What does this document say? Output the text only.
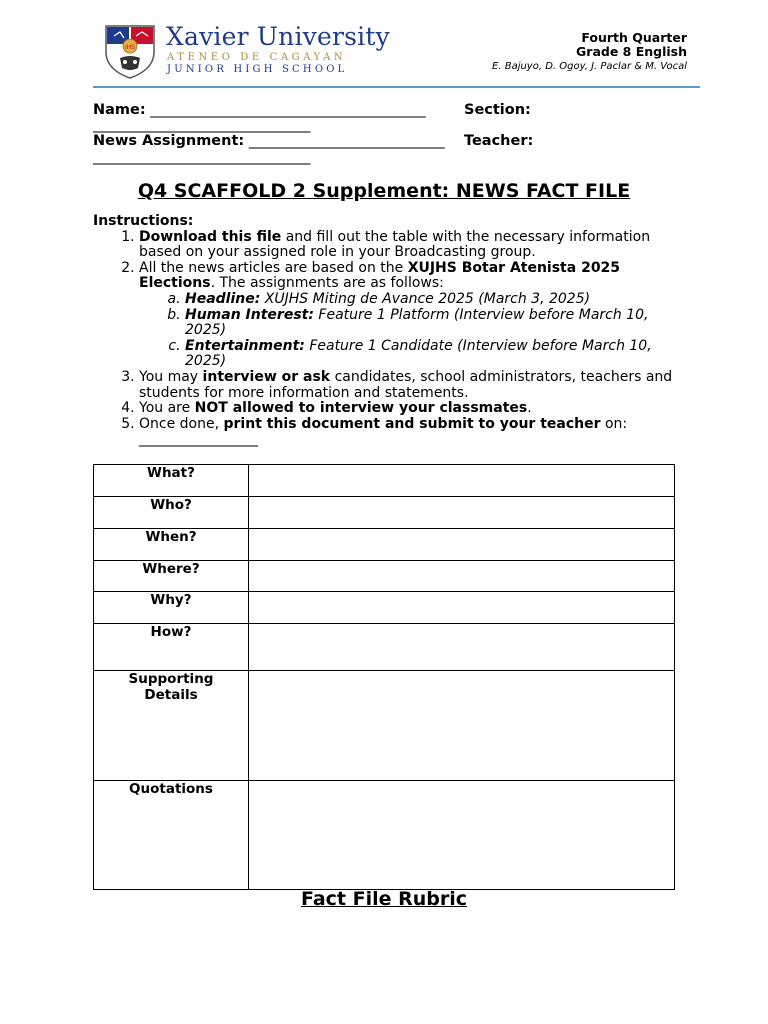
IHS Xavier University
ATENEO DE CAGAYAN
JUNIOR HIGH SCHOOL
Fourth Quarter
Grade 8 English
E. Bajuyo, D. Ogoy, J. Paclar & M. Vocal
Name: ______________________________________	Section:
______________________________
News Assignment: ___________________________ Teacher:
______________________________
Q4 SCAFFOLD 2 Supplement: NEWS FACT FILE
Instructions:
1. Download this file and fill out the table with the necessary information based on your assigned role in your Broadcasting group.
2. All the news articles are based on the XUJHS Botar Atenista 2025 Elections. The assignments are as follows:
a. Headline: XUJHS Miting de Avance 2025 (March 3, 2025)
b. Human Interest: Feature 1 Platform (Interview before March 10, 2025)
c. Entertainment: Feature 1 Candidate (Interview before March 10, 2025)
3. You may interview or ask candidates, school administrators, teachers and students for more information and statements.
4. You are NOT allowed to interview your classmates.
5. Once done, print this document and submit to your teacher on:
_________________
What?	
Who?	
When?	
Where?	
Why?	
How?	
Supporting Details	
Quotations	
Fact File Rubric
